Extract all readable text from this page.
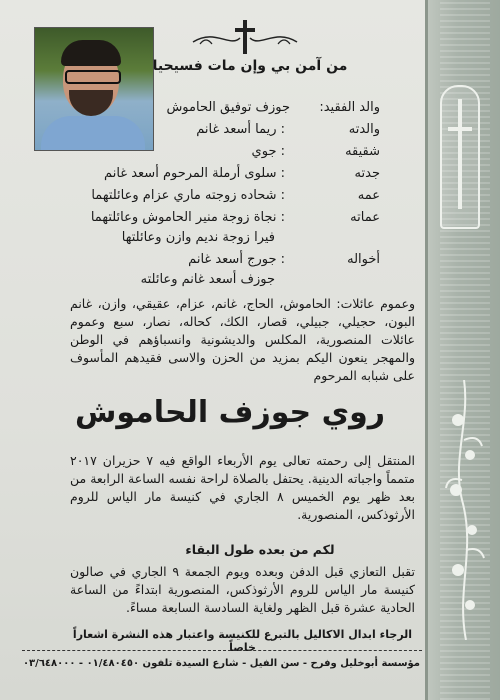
من آمن بي وإن مات فسيحيا
والد الفقيد:
جوزف توفيق الحاموش
والدته
: ريما أسعد غانم
شقيقه
: جوي
جدته
: سلوى أرملة المرحوم أسعد غانم
عمه
: شحاده زوجته ماري عزام وعائلتهما
عماته
: نجاة زوجة منير الحاموش وعائلتهما
فيرا زوجة نديم وازن وعائلتها
أخواله
: جورج أسعد غانم
جوزف أسعد غانم وعائلته
وعموم عائلات: الحاموش، الحاج، غانم، عزام، عقيقي، وازن، غانم البون، حجيلي، جبيلي، قصار، الكك، كحاله، نصار، سبع وعموم عائلات المنصورية، المكلس والديشونية وانسباؤهم في الوطن والمهجر ينعون اليكم بمزيد من الحزن والاسى فقيدهم المأسوف على شبابه المرحوم
روي جوزف الحاموش
المنتقل إلى رحمته تعالى يوم الأربعاء الواقع فيه ٧ حزيران ٢٠١٧ متمماً واجباته الدينية. يحتفل بالصلاة لراحة نفسه الساعة الرابعة من بعد ظهر يوم الخميس ٨ الجاري في كنيسة مار الياس للروم الأرثوذكس، المنصورية.
لكم من بعده طول البقاء
تقبل التعازي قبل الدفن وبعده ويوم الجمعة ٩ الجاري في صالون كنيسة مار الياس للروم الأرثوذكس، المنصورية ابتداءً من الساعة الحادية عشرة قبل الظهر ولغاية السادسة السابعة مساءً.
الرجاء ابدال الاكاليل بالتبرع للكنيسة واعتبار هذه النشرة اشعاراً خاصاً
مؤسسة أبوخليل وفرح - سن الفيل - شارع السيدة تلفون ٠١/٤٨٠٤٥٠ - ٠٣/٦٤٨٠٠٠
